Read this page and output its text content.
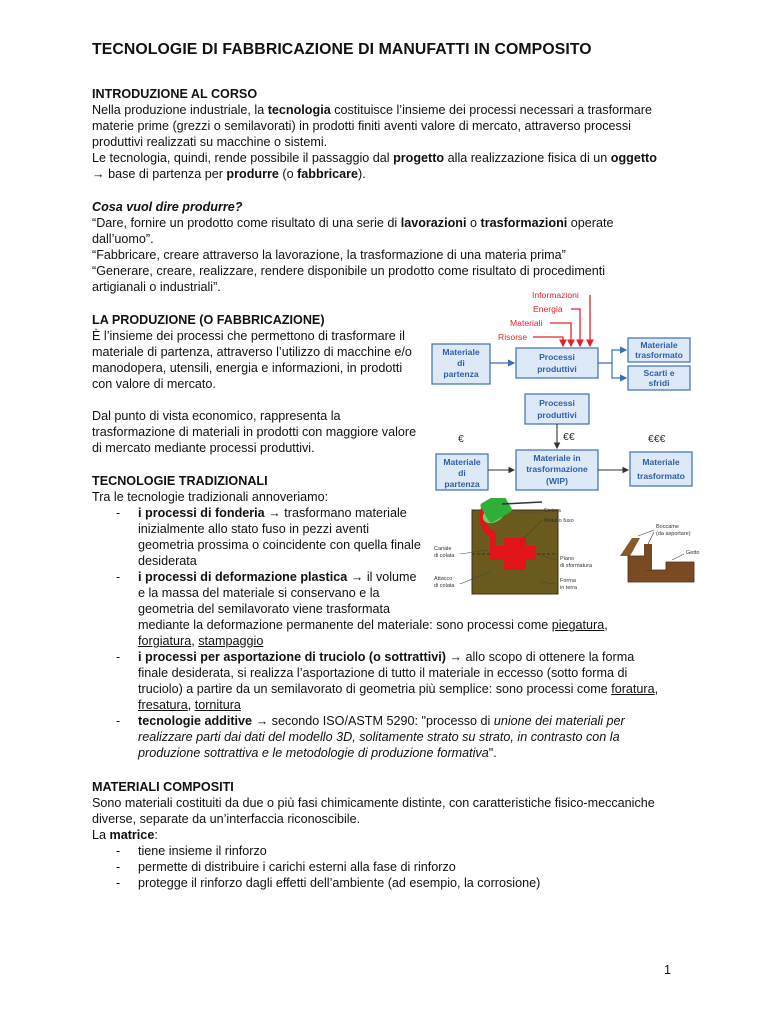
TECNOLOGIE DI FABBRICAZIONE DI MANUFATTI IN COMPOSITO
INTRODUZIONE AL CORSO
Nella produzione industriale, la tecnologia costituisce l’insieme dei processi necessari a trasformare
materie prime (grezzi o semilavorati) in prodotti finiti aventi valore di mercato, attraverso processi
produttivi realizzati su macchine o sistemi.
Le tecnologia, quindi, rende possibile il passaggio dal progetto alla realizzazione fisica di un oggetto
→ base di partenza per produrre (o fabbricare).
Cosa vuol dire produrre?
“Dare, fornire un prodotto come risultato di una serie di lavorazioni o trasformazioni operate
dall’uomo”.
“Fabbricare, creare attraverso la lavorazione, la trasformazione di una materia prima”
“Generare, creare, realizzare, rendere disponibile un prodotto come risultato di procedimenti
artigianali o industriali”.
LA PRODUZIONE (O FABBRICAZIONE)
È l’insieme dei processi che permettono di trasformare il
materiale di partenza, attraverso l’utilizzo di macchine e/o
manodopera, utensili, energia e informazioni, in prodotti
con valore di mercato.
Dal punto di vista economico, rappresenta la
trasformazione di materiali in prodotti con maggiore valore
di mercato mediante processi produttivi.
TECNOLOGIE TRADIZIONALI
Tra le tecnologie tradizionali annoveriamo:
- i processi di fonderia → trasformano materiale
inizialmente allo stato fuso in pezzi aventi
geometria prossima o coincidente con quella finale
desiderata
- i processi di deformazione plastica → il volume
e la massa del materiale si conservano e la
geometria del semilavorato viene trasformata
mediante la deformazione permanente del materiale: sono processi come piegatura,
forgiatura, stampaggio
- i processi per asportazione di truciolo (o sottrattivi) → allo scopo di ottenere la forma
finale desiderata, si realizza l’asportazione di tutto il materiale in eccesso (sotto forma di
truciolo) a partire da un semilavorato di geometria più semplice: sono processi come foratura,
fresatura, tornitura
- tecnologie additive → secondo ISO/ASTM 5290: "processo di unione dei materiali per
realizzare parti dai dati del modello 3D, solitamente strato su strato, in contrasto con la
produzione sottrattiva e le metodologie di produzione formativa".
MATERIALI COMPOSITI
Sono materiali costituiti da due o più fasi chimicamente distinte, con caratteristiche fisico-meccaniche
diverse, separate da un’interfaccia riconoscibile.
La matrice:
- tiene insieme il rinforzo
- permette di distribuire i carichi esterni alla fase di rinforzo
- protegge il rinforzo dagli effetti dell’ambiente (ad esempio, la corrosione)
Informazioni
Energia
Materiali
Risorse
Materiale
di
partenza
Processi
produttivi
Materiale
trasformato
Scarti e
sfridi
€	€€	€€€
Processi
produttivi
Materiale
di
partenza
Materiale in
trasformazione
(WIP)
Materiale
trasformato
Siviera
Metallo fuso
Canale
di colata	Piano
di sformatura
Attacco
di colata
Forma
in terra
Boccame
(da asportare)
Getto
1
